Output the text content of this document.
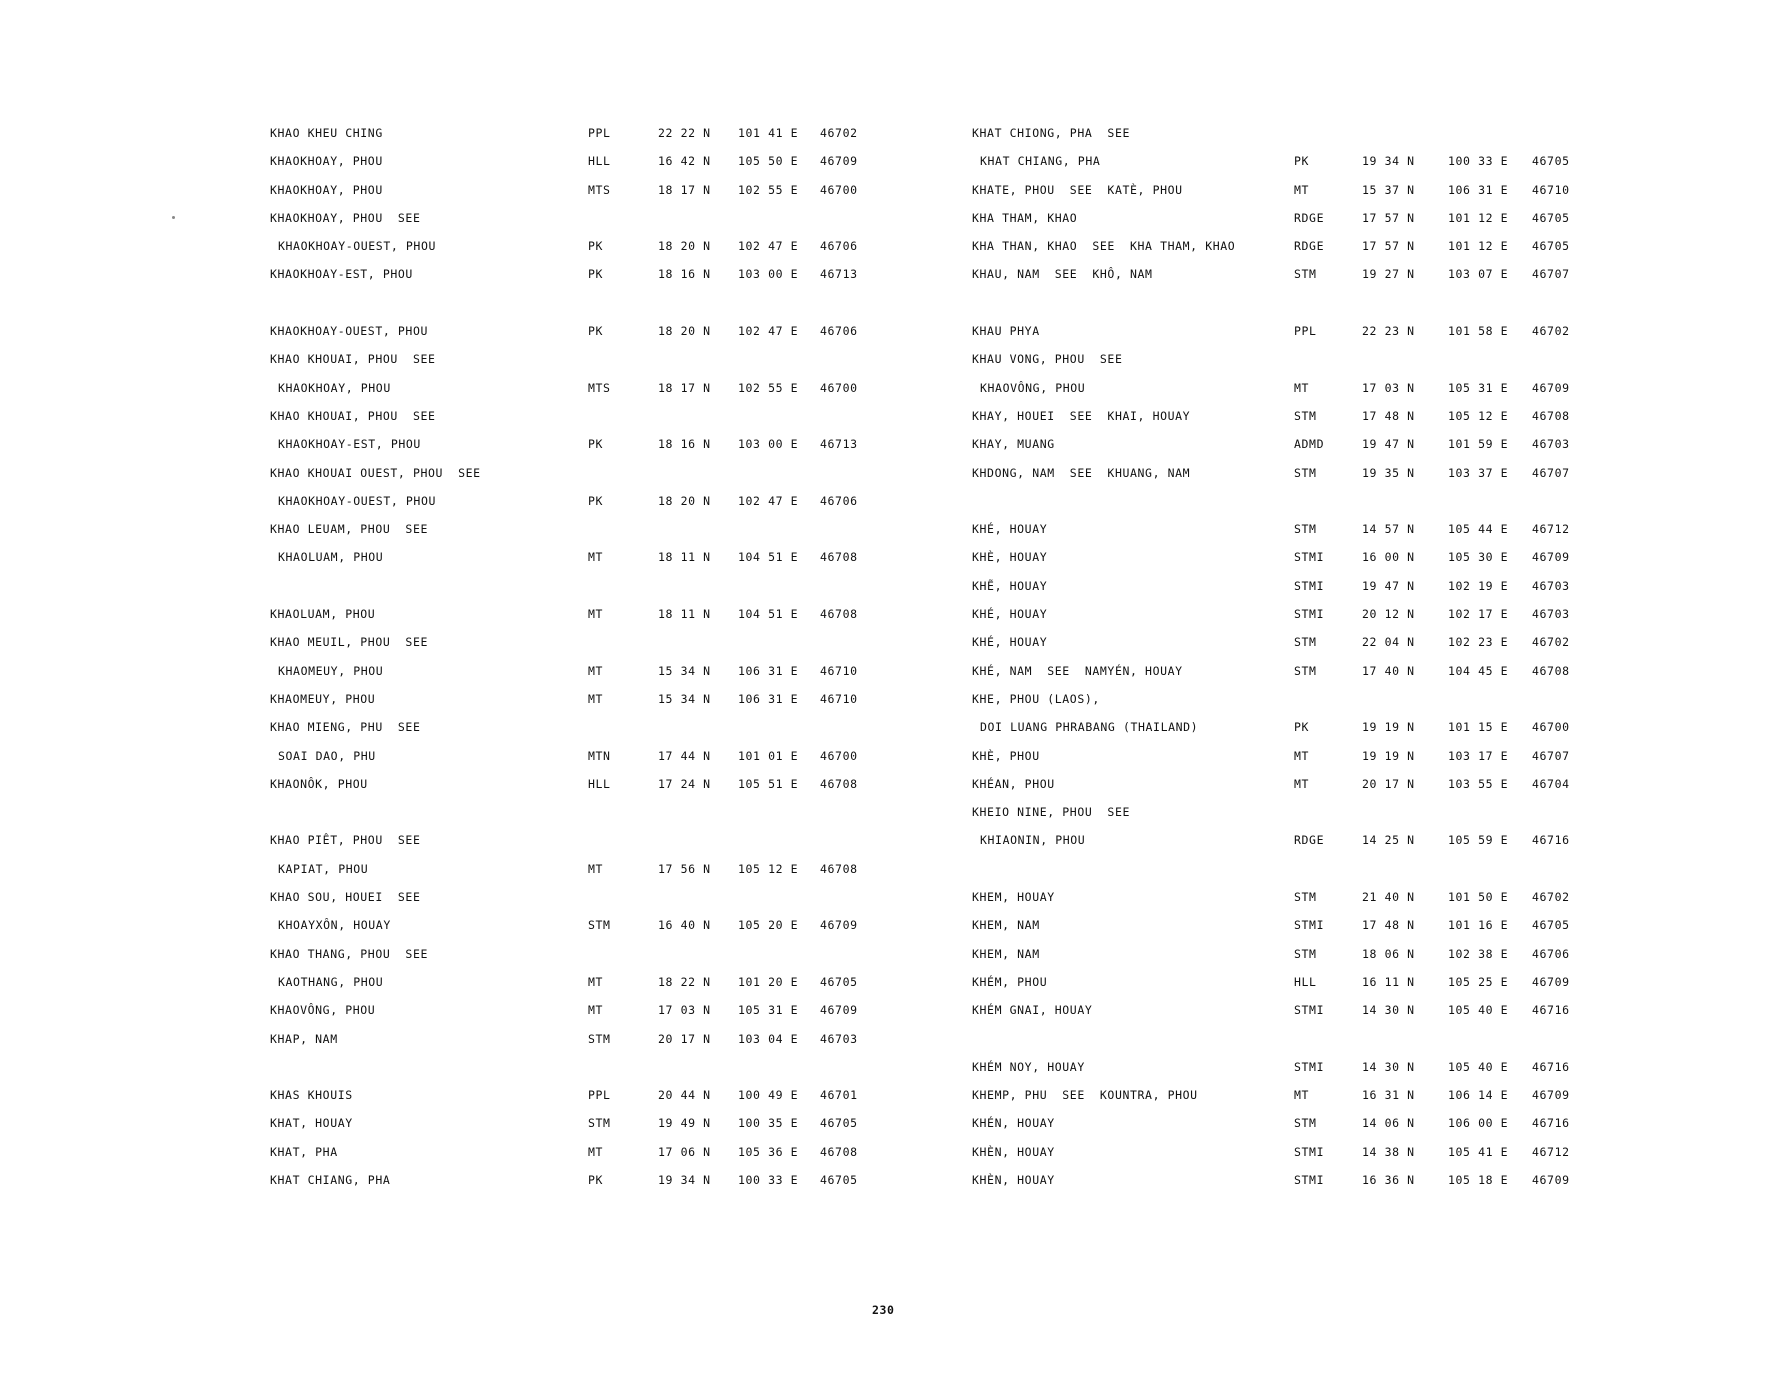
KHAO KHEU CHING	PPL	22 22 N 101 41 E 46702
KHAOKHOAY, PHOU	HLL	16 42 N 105 50 E 46709
KHAOKHOAY, PHOU	MTS	18 17 N 102 55 E 46700
KHAOKHOAY, PHOU  SEE
KHAOKHOAY-OUEST, PHOU	PK	18 20 N 102 47 E 46706
KHAOKHOAY-EST, PHOU	PK	18 16 N 103 00 E 46713
KHAOKHOAY-OUEST, PHOU	PK	18 20 N 102 47 E 46706
KHAO KHOUAI, PHOU  SEE
KHAOKHOAY, PHOU	MTS	18 17 N 102 55 E 46700
KHAO KHOUAI, PHOU  SEE
KHAOKHOAY-EST, PHOU	PK	18 16 N 103 00 E 46713
KHAO KHOUAI OUEST, PHOU  SEE
KHAOKHOAY-OUEST, PHOU	PK	18 20 N 102 47 E 46706
KHAO LEUAM, PHOU  SEE
KHAOLUAM, PHOU	MT	18 11 N 104 51 E 46708
KHAOLUAM, PHOU	MT	18 11 N 104 51 E 46708
KHAO MEUIL, PHOU  SEE
KHAOMEUY, PHOU	MT	15 34 N 106 31 E 46710
KHAOMEUY, PHOU	MT	15 34 N 106 31 E 46710
KHAO MIENG, PHU  SEE
SOAI DAO, PHU	MTN	17 44 N 101 01 E 46700
KHAONÔK, PHOU	HLL	17 24 N 105 51 E 46708
KHAO PIÊT, PHOU  SEE
KAPIAT, PHOU	MT	17 56 N 105 12 E 46708
KHAO SOU, HOUEI  SEE
KHOAYXÔN, HOUAY	STM	16 40 N 105 20 E 46709
KHAO THANG, PHOU  SEE
KAOTHANG, PHOU	MT	18 22 N 101 20 E 46705
KHAOVÔNG, PHOU	MT	17 03 N 105 31 E 46709
KHAP, NAM	STM	20 17 N 103 04 E 46703
KHAS KHOUIS	PPL	20 44 N 100 49 E 46701
KHAT, HOUAY	STM	19 49 N 100 35 E 46705
KHAT, PHA	MT	17 06 N 105 36 E 46708
KHAT CHIANG, PHA	PK	19 34 N 100 33 E 46705
KHAT CHIONG, PHA  SEE
KHAT CHIANG, PHA	PK	19 34 N	100 33 E 46705
KHATE, PHOU  SEE  KATÈ, PHOU	MT	15 37 N	106 31 E 46710
KHA THAM, KHAO	RDGE	17 57 N	101 12 E 46705
KHA THAN, KHAO  SEE  KHA THAM, KHAO	RDGE	17 57 N	101 12 E 46705
KHAU, NAM  SEE  KHÔ, NAM	STM	19 27 N	103 07 E 46707
KHAU PHYA	PPL	22 23 N	101 58 E 46702
KHAU VONG, PHOU  SEE
KHAOVÔNG, PHOU	MT	17 03 N	105 31 E 46709
KHAY, HOUEI  SEE  KHAI, HOUAY	STM	17 48 N	105 12 E 46708
KHAY, MUANG	ADMD	19 47 N	101 59 E 46703
KHDONG, NAM  SEE  KHUANG, NAM	STM	19 35 N	103 37 E 46707
KHÉ, HOUAY	STM	14 57 N	105 44 E 46712
KHÈ, HOUAY	STMI	16 00 N	105 30 E 46709
KHẼ, HOUAY	STMI	19 47 N	102 19 E 46703
KHÉ, HOUAY	STMI	20 12 N	102 17 E 46703
KHÉ, HOUAY	STM	22 04 N	102 23 E 46702
KHÉ, NAM  SEE  NAMYÉN, HOUAY	STM	17 40 N	104 45 E 46708
KHE, PHOU (LAOS),
DOI LUANG PHRABANG (THAILAND)	PK	19 19 N	101 15 E 46700
KHÈ, PHOU	MT	19 19 N	103 17 E 46707
KHÉAN, PHOU	MT	20 17 N	103 55 E 46704
KHEIO NINE, PHOU  SEE
KHIAONIN, PHOU	RDGE	14 25 N	105 59 E 46716
KHEM, HOUAY	STM	21 40 N	101 50 E 46702
KHEM, NAM	STMI	17 48 N	101 16 E 46705
KHEM, NAM	STM	18 06 N	102 38 E 46706
KHÉM, PHOU	HLL	16 11 N	105 25 E 46709
KHÉM GNAI, HOUAY	STMI	14 30 N	105 40 E 46716
KHÉM NOY, HOUAY	STMI	14 30 N	105 40 E 46716
KHEMP, PHU  SEE  KOUNTRA, PHOU	MT	16 31 N	106 14 E 46709
KHÉN, HOUAY	STM	14 06 N	106 00 E 46716
KHÈN, HOUAY	STMI	14 38 N	105 41 E 46712
KHÈN, HOUAY	STMI	16 36 N	105 18 E 46709
230
